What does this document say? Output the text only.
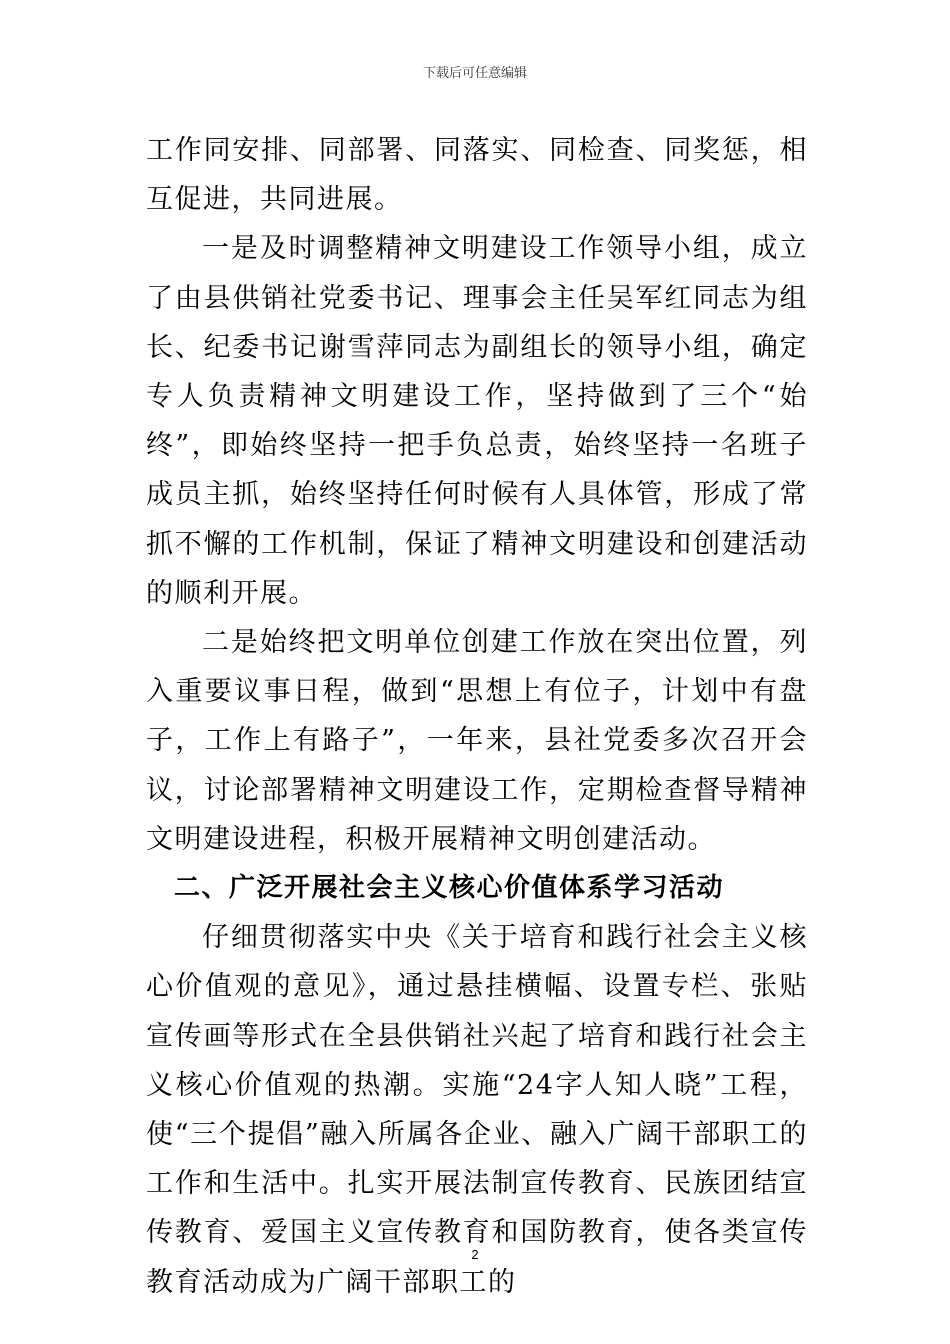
下载后可任意编辑

工作同安排、同部署、同落实、同检查、同奖惩，相互促进，共同进展。

一是及时调整精神文明建设工作领导小组，成立了由县供销社党委书记、理事会主任吴军红同志为组长、纪委书记谢雪萍同志为副组长的领导小组，确定专人负责精神文明建设工作，坚持做到了三个“始终”，即始终坚持一把手负总责，始终坚持一名班子成员主抓，始终坚持任何时候有人具体管，形成了常抓不懈的工作机制，保证了精神文明建设和创建活动的顺利开展。

二是始终把文明单位创建工作放在突出位置，列入重要议事日程，做到“思想上有位子，计划中有盘子，工作上有路子”，一年来，县社党委多次召开会议，讨论部署精神文明建设工作，定期检查督导精神文明建设进程，积极开展精神文明创建活动。

二、广泛开展社会主义核心价值体系学习活动

仔细贯彻落实中央《关于培育和践行社会主义核心价值观的意见》，通过悬挂横幅、设置专栏、张贴宣传画等形式在全县供销社兴起了培育和践行社会主义核心价值观的热潮。实施“24字人知人晓”工程，使“三个提倡”融入所属各企业、融入广阔干部职工的工作和生活中。扎实开展法制宣传教育、民族团结宣传教育、爱国主义宣传教育和国防教育，使各类宣传教育活动成为广阔干部职工的

2
